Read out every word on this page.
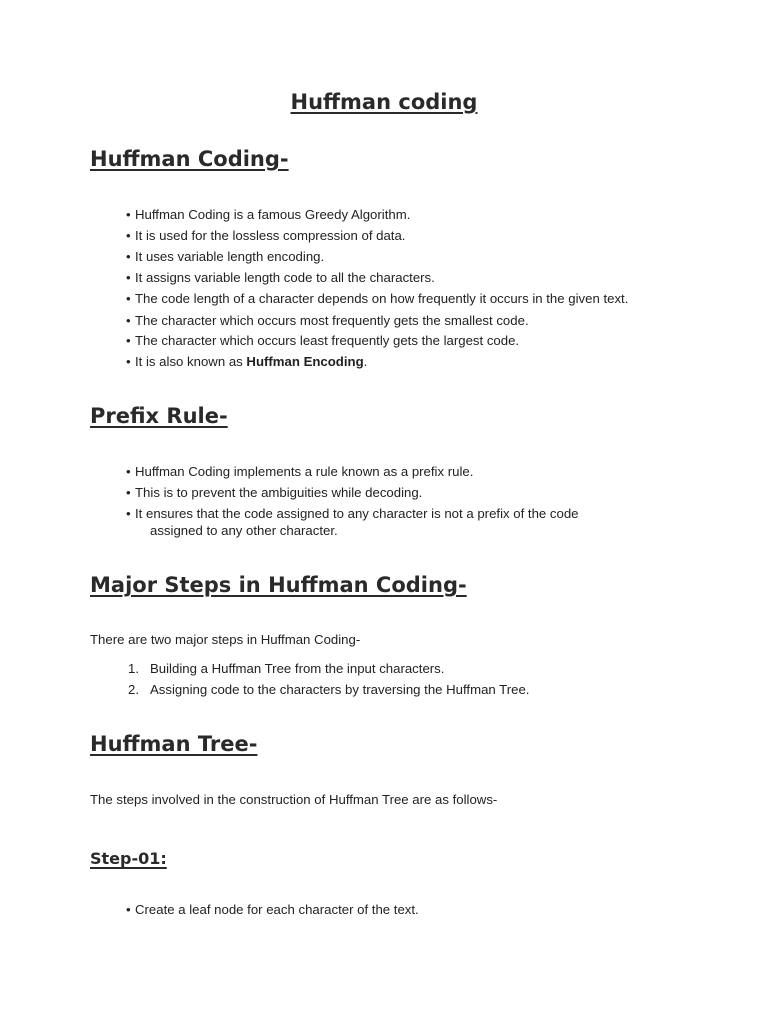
Huffman coding
Huffman Coding-

• Huffman Coding is a famous Greedy Algorithm.

• It is used for the lossless compression of data.

• It uses variable length encoding.

• It assigns variable length code to all the characters.

• The code length of a character depends on how frequently it occurs in the given text.

• The character which occurs most frequently gets the smallest code.

• The character which occurs least frequently gets the largest code.

• It is also known as Huffman Encoding.

Prefix Rule-

• Huffman Coding implements a rule known as a prefix rule.

• This is to prevent the ambiguities while decoding.

• It ensures that the code assigned to any character is not a prefix of the code

assigned to any other character.

Major Steps in Huffman Coding-

There are two major steps in Huffman Coding-

1. Building a Huffman Tree from the input characters.

2. Assigning code to the characters by traversing the Huffman Tree.

Huffman Tree-

The steps involved in the construction of Huffman Tree are as follows-

Step-01:

• Create a leaf node for each character of the text.
